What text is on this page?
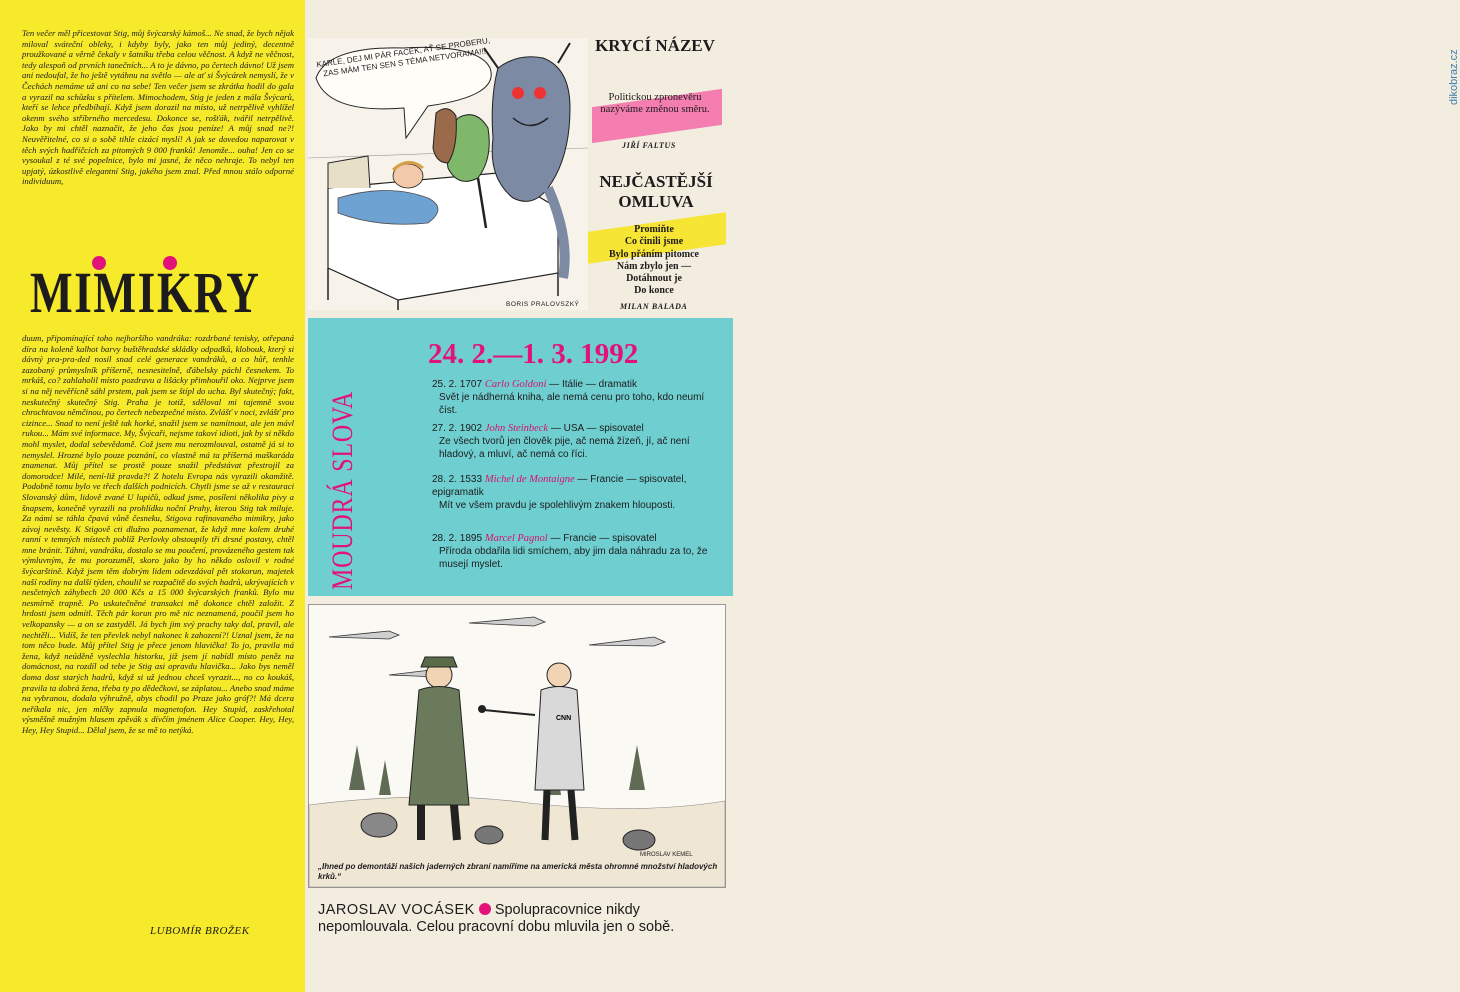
Ten večer měl přicestovat Stig, můj švýcarský kámoš... Ne snad, že bych nějak miloval sváteční obleky, i kdyby byly, jako ten můj jediný, decentně proužkované a věrně čekaly v šatníku třeba celou věčnost. A když ne věčnost, tedy alespoň od prvních tanečních... A to je dávno, po čertech dávno! Už jsem ani nedoufal, že ho ještě vytáhnu na světlo — ale ať si Švýcárek nemyslí, že v Čechách nemáme už ani co na sebe! Ten večer jsem se zkrátka hodil do gala a vyrazil na schůzku s přítelem. Mimochodem, Stig je jeden z mála Švýcarů, kteří se lehce předbíhají. Když jsem dorazil na místo, už netrpělivě vyhlížel okenm svého stříbrného mercedesu. Dokonce se, rošťák, tvářil netrpělivě. Jako by mi chtěl naznačit, že jeho čas jsou peníze! A můj snad ne?! Neuvěřitelné, co si o sobě tihle cizácí myslí! A jak se dovedou naparovat v těch svých hadříčcích za pitomých 9 000 franků! Jenomže... ouha! Jen co se vysoukal z té své popelnice, bylo mi jasné, že něco nehraje. To nebyl ten upjatý, úzkostlivě elegantní Stig, jakého jsem znal. Před mnou stálo odporné individuum,

MIMIKRY

duum, připomínající toho nejhoršího vandráka: rozdrbané tenisky, otřepaná díra na koleně kalhot barvy buštěhradské skládky odpadků, klobouk, který si dávný pra-pra-ded nosil snad celé generace vandráků, a co hůř, tenhle zazobaný průmyslník příšerně, nesnesitelně, ďábelsky páchl česnekem. To mrkáš, co? zahlaholil místo pozdravu a lišácky přimhouřil oko. Nejprve jsem si na něj nevěřícně sáhl prstem, pak jsem se štípl do ucha. Byl skutečný; fakt, neskutečný skutečný Stig. Praha je totiž, sděloval mi tajemně svou chrochtavou němčinou, po čertech nebezpečné místo. Zvlášť v noci, zvlášť pro cizince... Snad to není ještě tak horké, snažil jsem se namítnout, ale jen mávl rukou... Mám své informace. My, Švýcaři, nejsme takoví idioti, jak by si někdo mohl myslet, dodal sebevědomě. Což jsem mu nerozmlouval, ostatně já si to nemyslel. Hrozné bylo pouze poznání, co vlastně má ta příšerná maškaráda znamenat. Můj přítel se prostě pouze snažil předstávat přestrojil za domorodce! Milé, není-liž pravda?! Z hotelu Evropa nás vyrazili okamžitě. Podobně tomu bylo ve třech dalších podnicích. Chytli jsme se až v restauraci Slovanský dům, lidově zvané U lupičů, odkud jsme, posíleni několika pivy a šnapsem, konečně vyrazili na prohlídku noční Prahy, kterou Stig tak miluje. Za námi se táhla čpavá vůně česneku, Stigova rafinovaného mimikry, jako závoj nevěsty. K Stigově cti dlužno poznamenat, že když mne kolem druhé ranní v temných místech poblíž Perlovky obstoupily tři drsné postavy, chtěl mne bránit. Táhni, vandráku, dostalo se mu poučení, provázeného gestem tak výmluvným, že mu porozuměl, skoro jako by ho někdo oslovil v rodné švýcarštině. Když jsem těm dobrým lidem odevzdával pět stokorun, majetek naší rodiny na další týden, choulil se rozpačitě do svých hadrů, ukrývajících v nesčetných záhybech 20 000 Kčs a 15 000 švýcarských franků. Bylo mu nesmírně trapně. Po uskutečněné transakci mě dokonce chtěl založit. Z hrdosti jsem odmítl. Těch pár korun pro mě nic neznamená, poučil jsem ho velkopansky — a on se zastyděl. Já bych jim svý prachy taky dal, pravil, ale nechtěli... Vidíš, že ten převlek nebyl nakonec k zahození?! Uznal jsem, že na tom něco bude. Můj přítel Stig je přece jenom hlavička! To jo, pravila má žena, když neúděně vyslechla historku, již jsem jí nabídl místo peněz na domácnost, na rozdíl od tebe je Stig asi opravdu hlavička... Jako bys neměl doma dost starých hadrů, když si už jednou chceš vyrazit..., no co koukáš, pravila ta dobrá žena, třeba ty po dědečkovi, se záplatou... Anebo snad máme na vybranou, dodala výhružně, abys chodil po Praze jako gróf?! Má dcera neříkala nic, jen mlčky zapnula magnetofon. Hey Stupid, zaskřehotal výsměšně mužným hlasem zpěvák s dívčím jménem Alice Cooper. Hey, Hey, Hey, Hey Stupid... Dělal jsem, že se mě to netýká.

LUBOMÍR BROŽEK
dikobraz.cz
BORIS PRALOVSZKÝ
KARLE, DEJ MI PÁR FACEK, AŤ SE PROBERU, ZAS MÁM TEN SEN S TÉMA NETVORAMA!!!
KRYCÍ NÁZEV
Politickou zpronevěru nazýváme změnou směru.
JIŘÍ FALTUS
NEJČASTĚJŠÍ OMLUVA
Promiňte
Co činili jsme
Bylo přáním pitomce
Nám zbylo jen —
Dotáhnout je
Do konce
MILAN BALADA
MOUDRÁ SLOVA
24. 2.—1. 3. 1992
25. 2. 1707 Carlo Goldoni — Itálie — dramatik
Svět je nádherná kniha, ale nemá cenu pro toho, kdo neumí číst.
27. 2. 1902 John Steinbeck — USA — spisovatel
Ze všech tvorů jen člověk pije, ač nemá žízeň, jí, ač není hladový, a mluví, ač nemá co říci.
28. 2. 1533 Michel de Montaigne — Francie — spisovatel, epigramatik
Mít ve všem pravdu je spolehlivým znakem hlouposti.
28. 2. 1895 Marcel Pagnol — Francie — spisovatel
Příroda obdařila lidi smíchem, aby jim dala náhradu za to, že musejí myslet.
CNN
MIROSLAV KEMEL
„Ihned po demontáži našich jaderných zbraní namíříme na americká města ohromné množství hladových krků.“
JAROSLAV VOCÁSEK Spolupracovnice nikdy nepomlouvala. Celou pracovní dobu mluvila jen o sobě.
